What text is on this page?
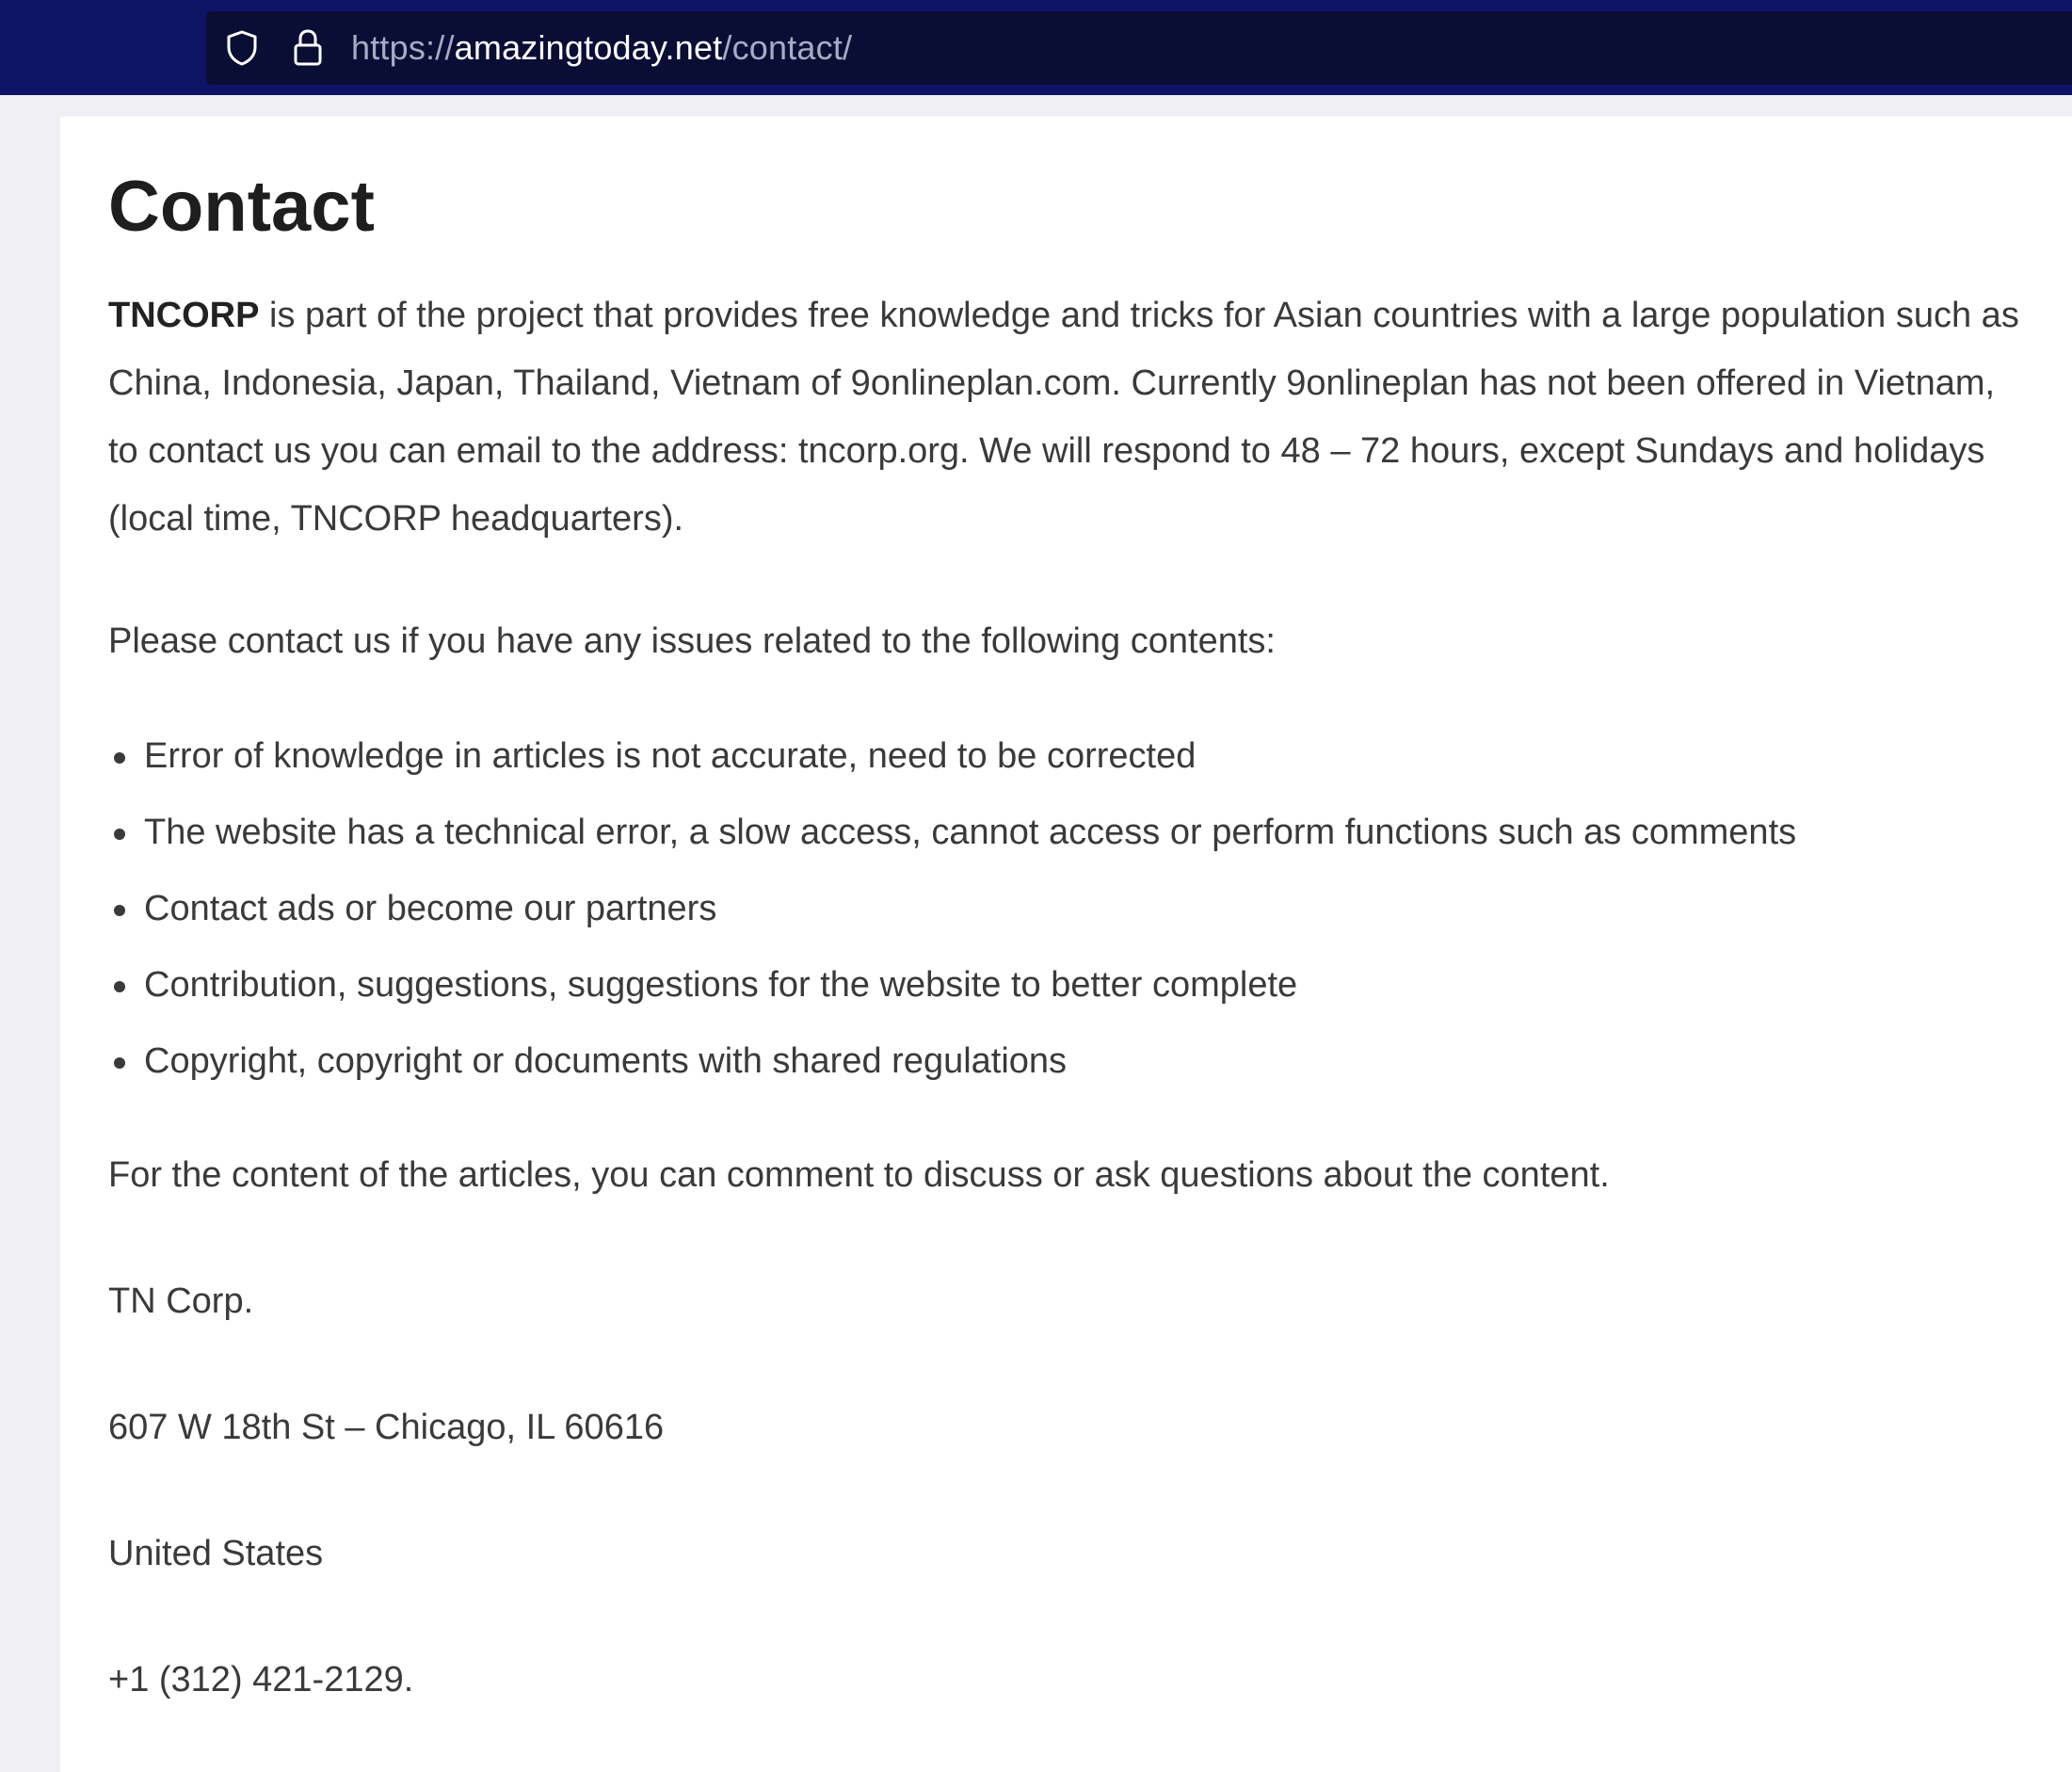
https://amazingtoday.net/contact/
Contact

TNCORP is part of the project that provides free knowledge and tricks for Asian countries with a large population such as China, Indonesia, Japan, Thailand, Vietnam of 9onlineplan.com. Currently 9onlineplan has not been offered in Vietnam, to contact us you can email to the address: tncorp.org. We will respond to 48 – 72 hours, except Sundays and holidays (local time, TNCORP headquarters).

Please contact us if you have any issues related to the following contents:

Error of knowledge in articles is not accurate, need to be corrected
The website has a technical error, a slow access, cannot access or perform functions such as comments
Contact ads or become our partners
Contribution, suggestions, suggestions for the website to better complete
Copyright, copyright or documents with shared regulations

For the content of the articles, you can comment to discuss or ask questions about the content.

TN Corp.

607 W 18th St – Chicago, IL 60616

United States

+1 (312) 421-2129.
